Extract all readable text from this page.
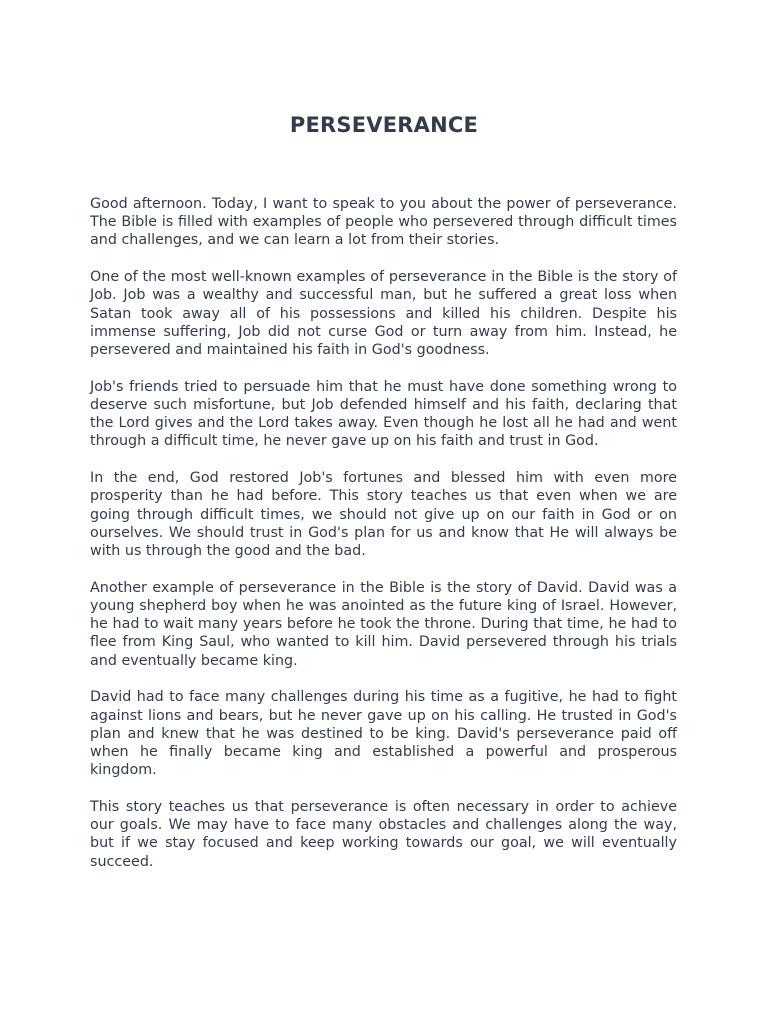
PERSEVERANCE

Good afternoon. Today, I want to speak to you about the power of perseverance. The Bible is filled with examples of people who persevered through difficult times and challenges, and we can learn a lot from their stories.

One of the most well-known examples of perseverance in the Bible is the story of Job. Job was a wealthy and successful man, but he suffered a great loss when Satan took away all of his possessions and killed his children. Despite his immense suffering, Job did not curse God or turn away from him. Instead, he persevered and maintained his faith in God's goodness.

Job's friends tried to persuade him that he must have done something wrong to deserve such misfortune, but Job defended himself and his faith, declaring that the Lord gives and the Lord takes away. Even though he lost all he had and went through a difficult time, he never gave up on his faith and trust in God.

In the end, God restored Job's fortunes and blessed him with even more prosperity than he had before. This story teaches us that even when we are going through difficult times, we should not give up on our faith in God or on ourselves. We should trust in God's plan for us and know that He will always be with us through the good and the bad.

Another example of perseverance in the Bible is the story of David. David was a young shepherd boy when he was anointed as the future king of Israel. However, he had to wait many years before he took the throne. During that time, he had to flee from King Saul, who wanted to kill him. David persevered through his trials and eventually became king.

David had to face many challenges during his time as a fugitive, he had to fight against lions and bears, but he never gave up on his calling. He trusted in God's plan and knew that he was destined to be king. David's perseverance paid off when he finally became king and established a powerful and prosperous kingdom.

This story teaches us that perseverance is often necessary in order to achieve our goals. We may have to face many obstacles and challenges along the way, but if we stay focused and keep working towards our goal, we will eventually succeed.
